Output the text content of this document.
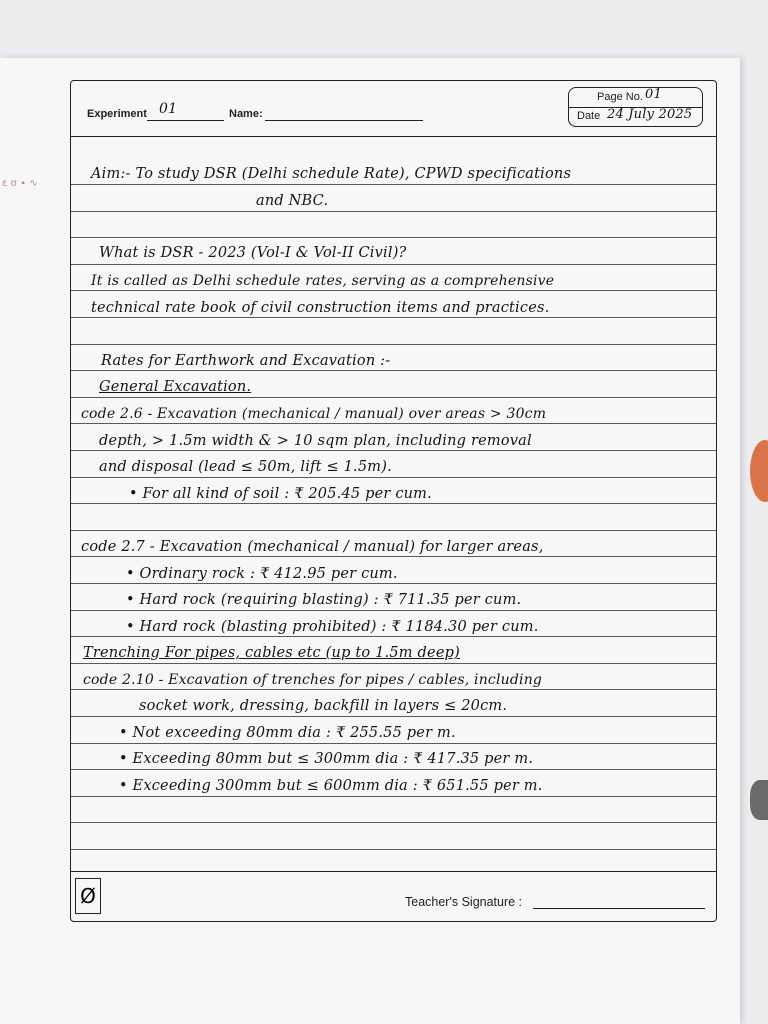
ε ʊ ∙ ∿
Experiment 01	Name:
Page No. 01
Date 24 July 2025
Ø	Teacher's Signature :
Aim:- To study DSR (Delhi schedule Rate), CPWD specifications
and NBC.
What is DSR - 2023 (Vol-I & Vol-II Civil)?
It is called as Delhi schedule rates, serving as a comprehensive
technical rate book of civil construction items and practices.
Rates for Earthwork and Excavation :-
General Excavation.
code 2.6 - Excavation (mechanical / manual) over areas > 30cm
depth, > 1.5m width & > 10 sqm plan, including removal
and disposal (lead ≤ 50m, lift ≤ 1.5m).
• For all kind of soil : ₹ 205.45 per cum.
code 2.7 - Excavation (mechanical / manual) for larger areas,
• Ordinary rock : ₹ 412.95 per cum.
• Hard rock (requiring blasting) : ₹ 711.35 per cum.
• Hard rock (blasting prohibited) : ₹ 1184.30 per cum.
Trenching For pipes, cables etc (up to 1.5m deep)
code 2.10 - Excavation of trenches for pipes / cables, including
socket work, dressing, backfill in layers ≤ 20cm.
• Not exceeding 80mm dia : ₹ 255.55 per m.
• Exceeding 80mm but ≤ 300mm dia : ₹ 417.35 per m.
• Exceeding 300mm but ≤ 600mm dia : ₹ 651.55 per m.
